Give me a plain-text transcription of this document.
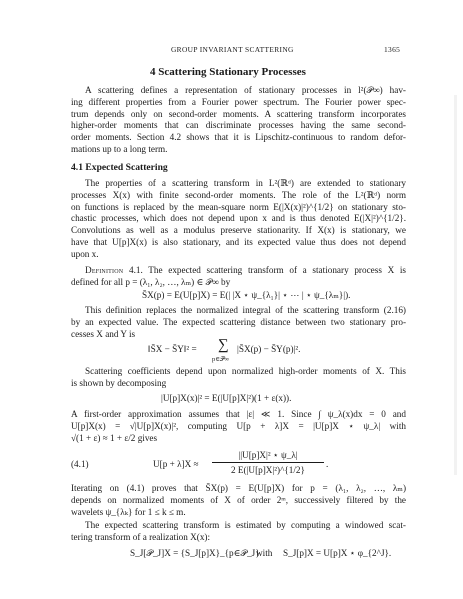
GROUP INVARIANT SCATTERING	1365
4 Scattering Stationary Processes
A scattering defines a representation of stationary processes in l²(𝒫∞) hav-
ing different properties from a Fourier power spectrum. The Fourier power spec-
trum depends only on second-order moments. A scattering transform incorporates
higher-order moments that can discriminate processes having the same second-
order moments. Section 4.2 shows that it is Lipschitz-continuous to random defor-
mations up to a long term.
4.1 Expected Scattering
The properties of a scattering transform in L²(ℝᵈ) are extended to stationary
processes X(x) with finite second-order moments. The role of the L²(ℝᵈ) norm
on functions is replaced by the mean-square norm E(|X(x)|²)^{1/2} on stationary sto-
chastic processes, which does not depend upon x and is thus denoted E(|X|²)^{1/2}.
Convolutions as well as a modulus preserve stationarity. If X(x) is stationary, we
have that U[p]X(x) is also stationary, and its expected value thus does not depend
upon x.
Definition 4.1. The expected scattering transform of a stationary process X is
defined for all p = (λ₁, λ₂, …, λₘ) ∈ 𝒫∞ by
S̄X(p) = E(U[p]X) = E(| |X ⋆ ψ_{λ₁}| ⋆ ⋯ | ⋆ ψ_{λₘ}|).
This definition replaces the normalized integral of the scattering transform (2.16)
by an expected value. The expected scattering distance between two stationary pro-
cesses X and Y is
‖S̄X − S̄Y‖² = ∑
p∈𝒫∞
|S̄X(p) − S̄Y(p)|².
Scattering coefficients depend upon normalized high-order moments of X. This
is shown by decomposing
|U[p]X(x)|² = E(|U[p]X|²)(1 + ε(x)).
A first-order approximation assumes that |ε| ≪ 1. Since ∫ ψ_λ(x)dx = 0 and
U[p]X(x) = √|U[p]X(x)|², computing U[p + λ]X = |U[p]X ⋆ ψ_λ| with
√(1 + ε) ≈ 1 + ε/2 gives
(4.1)	U[p + λ]X ≈
||U[p]X|² ⋆ ψ_λ|
2 E(|U[p]X|²)^{1/2}
.
Iterating on (4.1) proves that S̄X(p) = E(U[p]X) for p = (λ₁, λ₂, …, λₘ)
depends on normalized moments of X of order 2ᵐ, successively filtered by the
wavelets ψ_{λₖ} for 1 ≤ k ≤ m.
The expected scattering transform is estimated by computing a windowed scat-
tering transform of a realization X(x):
S_J[𝒫_J]X = {S_J[p]X}_{p∈𝒫_J}
with S_J[p]X = U[p]X ⋆ φ_{2^J}.
